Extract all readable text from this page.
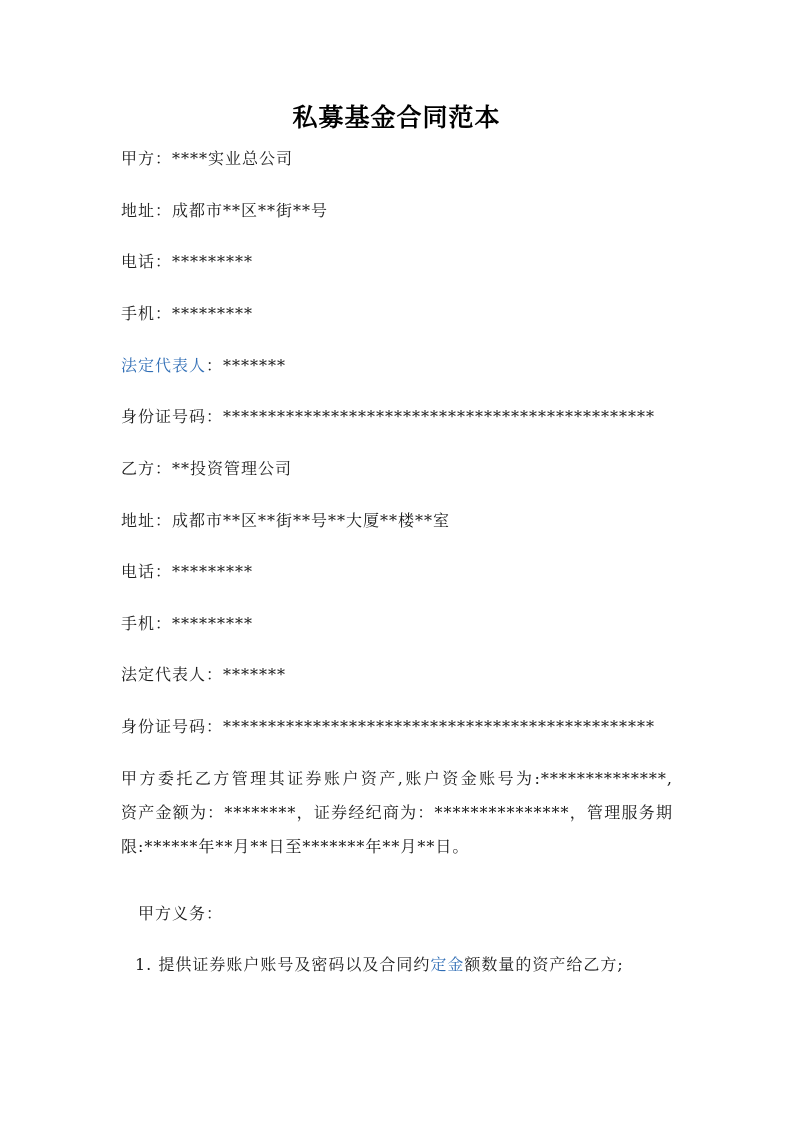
私募基金合同范本
甲方：****实业总公司
地址：成都市**区**街**号
电话：*********
手机：*********
法定代表人：*******
身份证号码：************************************************
乙方：**投资管理公司
地址：成都市**区**街**号**大厦**楼**室
电话：*********
手机：*********
法定代表人：*******
身份证号码：************************************************
甲方委托乙方管理其证券账户资产,账户资金账号为:**************,
资产金额为：********，证券经纪商为：***************，管理服务期
限:******年**月**日至*******年**月**日。
甲方义务：
1. 提供证券账户账号及密码以及合同约定金额数量的资产给乙方;
